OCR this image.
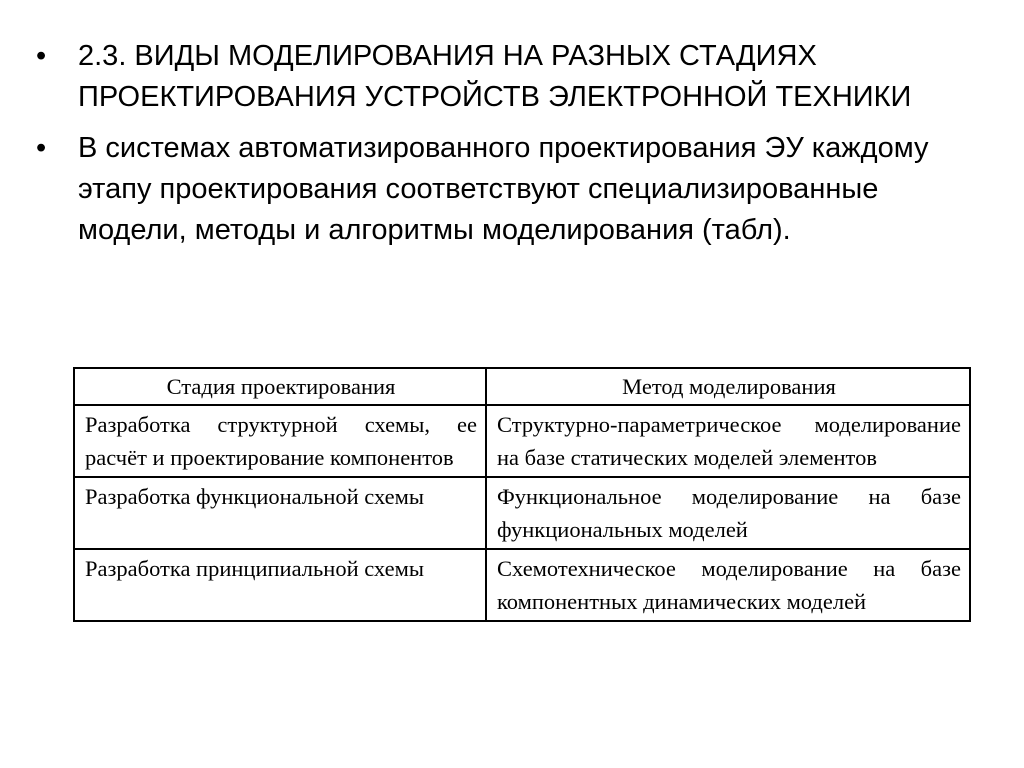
• 2.3. ВИДЫ МОДЕЛИРОВАНИЯ НА РАЗНЫХ СТАДИЯХ ПРОЕКТИРОВАНИЯ УСТРОЙСТВ ЭЛЕКТРОННОЙ ТЕХНИКИ
• В системах автоматизированного проектирования ЭУ каждому этапу проектирования соответствуют специализированные модели, методы и алгоритмы моделирования (табл).
Стадия проектирования	Метод моделирования
Разработка структурной схемы, ее расчёт и проектирование компонентов	Структурно-параметрическое моделирование на базе статических моделей элементов
Разработка функциональной схемы	Функциональное моделирование на базе функциональных моделей
Разработка принципиальной схемы	Схемотехническое моделирование на базе компонентных динамических моделей
